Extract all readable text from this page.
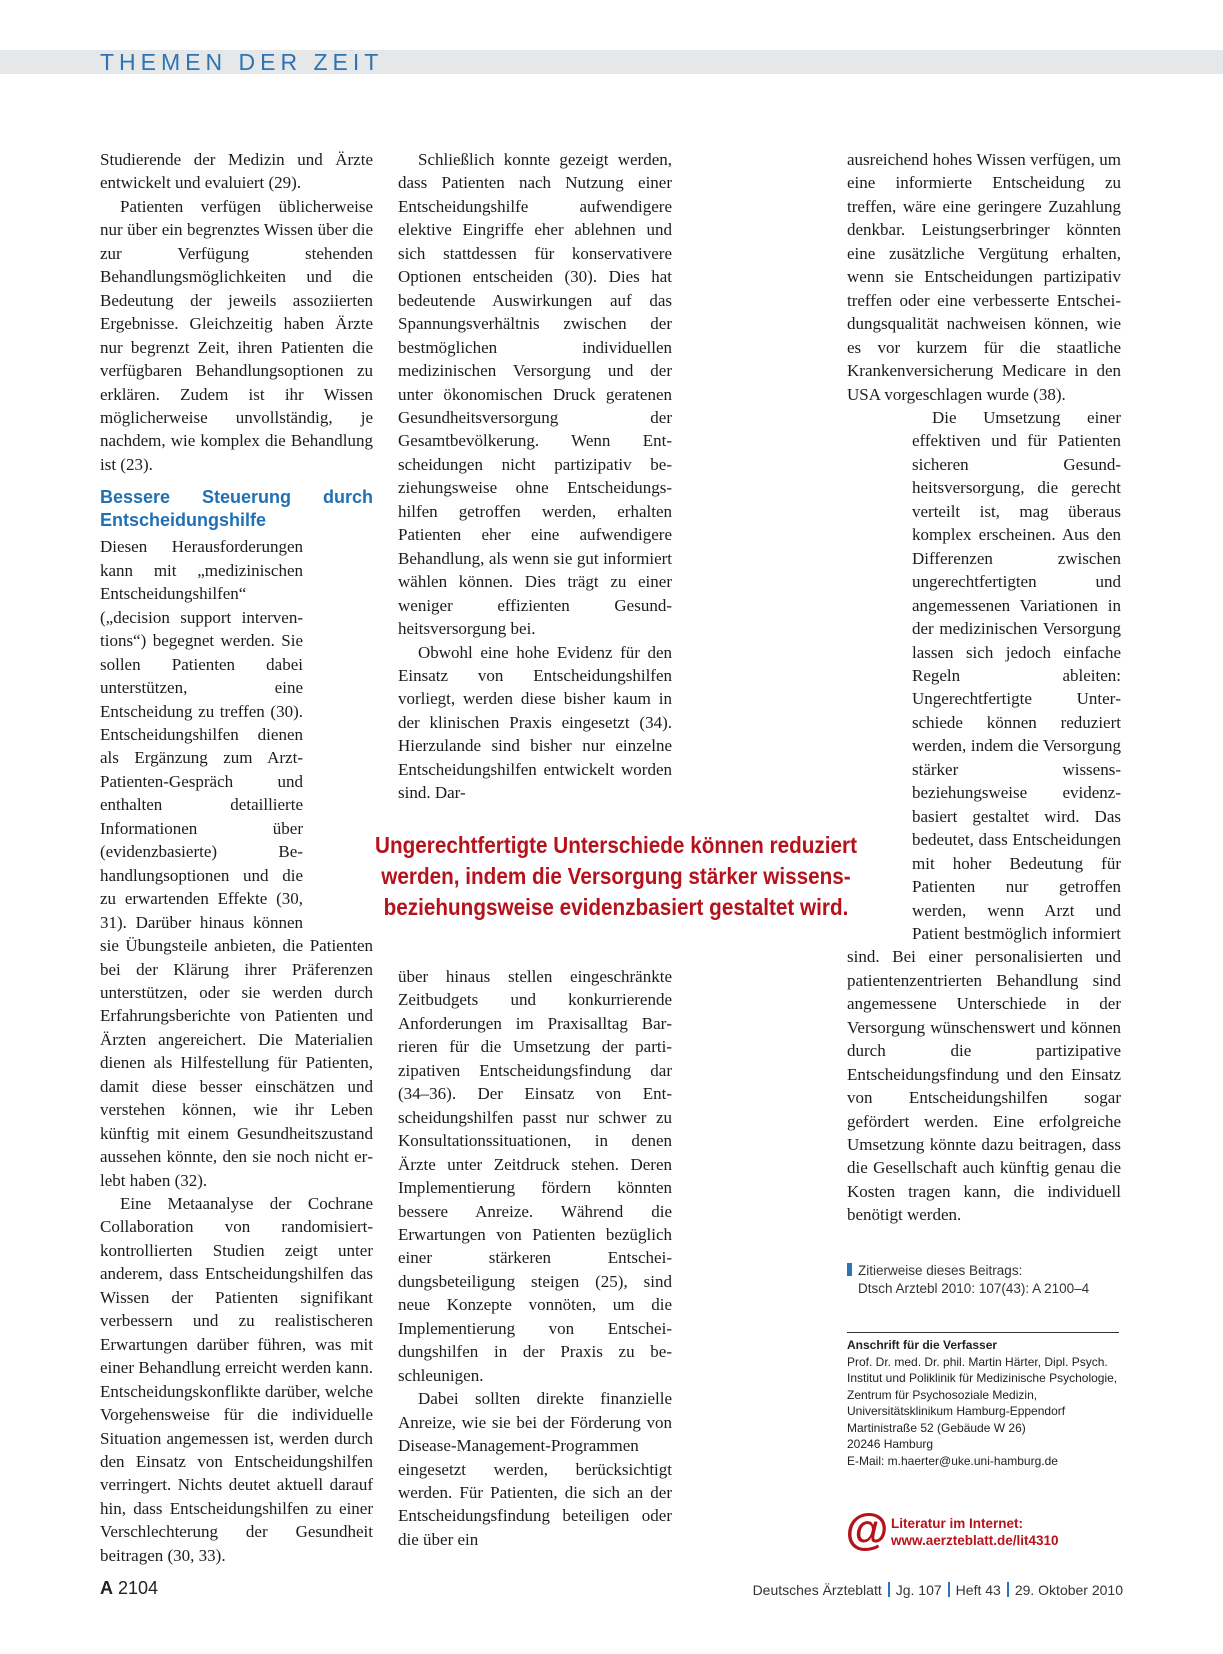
THEMEN DER ZEIT

Studierende der Medizin und Ärzte entwickelt und evaluiert (29).

Patienten verfügen üblicherweise nur über ein begrenztes Wissen über die zur Verfügung stehenden Behandlungsmöglichkeiten und die Bedeutung der jeweils assoziierten Ergebnisse. Gleichzeitig haben Ärzte nur begrenzt Zeit, ihren Patienten die verfügbaren Behandlungsoptionen zu erklären. Zudem ist ihr Wissen möglicherweise unvollständig, je nachdem, wie komplex die Behandlung ist (23).

Bessere Steuerung durch Entscheidungshilfe

Diesen Herausforderungen kann mit „medizinischen Entscheidungshilfen“ („decision support interventions“) begegnet werden. Sie sollen Patienten dabei unterstützen, eine Entscheidung zu treffen (30). Entscheidungshilfen dienen als Ergänzung zum Arzt-Patienten-Gespräch und enthalten detaillierte Informationen über (evidenzbasierte) Behandlungsoptionen und die zu erwartenden Effekte (30, 31). Darüber hinaus können sie Übungsteile anbieten, die Patienten bei der Klärung ihrer Präferenzen unterstützen, oder sie werden durch Erfahrungsberichte von Patienten und Ärzten angereichert. Die Materialien dienen als Hilfestellung für Patienten, damit diese besser einschätzen und verstehen können, wie ihr Leben künftig mit einem Gesundheitszustand aussehen könnte, den sie noch nicht erlebt haben (32).

Eine Metaanalyse der Cochrane Collaboration von randomisiert-kontrollierten Studien zeigt unter anderem, dass Entscheidungshilfen das Wissen der Patienten signifikant verbessern und zu realistischeren Erwartungen darüber führen, was mit einer Behandlung erreicht werden kann. Entscheidungskonflikte darüber, welche Vorgehensweise für die individuelle Situation angemessen ist, werden durch den Einsatz von Entscheidungshilfen verringert. Nichts deutet aktuell darauf hin, dass Entscheidungshilfen zu einer Verschlechterung der Gesundheit beitragen (30, 33).

Schließlich konnte gezeigt werden, dass Patienten nach Nutzung einer Entscheidungshilfe aufwendigere elektive Eingriffe eher ablehnen und sich stattdessen für konservativere Optionen entscheiden (30). Dies hat bedeutende Auswirkungen auf das Spannungsverhältnis zwischen der bestmöglichen individuellen medizinischen Versorgung und der unter ökonomischen Druck geratenen Gesundheitsversorgung der Gesamtbevölkerung. Wenn Entscheidungen nicht partizipativ beziehungsweise ohne Entscheidungshilfen getroffen werden, erhalten Patienten eher eine aufwendigere Behandlung, als wenn sie gut informiert wählen können. Dies trägt zu einer weniger effizienten Gesundheitsversorgung bei.

Obwohl eine hohe Evidenz für den Einsatz von Entscheidungshilfen vorliegt, werden diese bisher kaum in der klinischen Praxis eingesetzt (34). Hierzulande sind bisher nur einzelne Entscheidungshilfen entwickelt worden sind. Dar-

über hinaus stellen eingeschränkte Zeitbudgets und konkurrierende Anforderungen im Praxisalltag Barrieren für die Umsetzung der partizipativen Entscheidungsfindung dar (34–36). Der Einsatz von Entscheidungshilfen passt nur schwer zu Konsultationssituationen, in denen Ärzte unter Zeitdruck stehen. Deren Implementierung fördern könnten bessere Anreize. Während die Erwartungen von Patienten bezüglich einer stärkeren Entscheidungsbeteiligung steigen (25), sind neue Konzepte vonnöten, um die Implementierung von Entscheidungshilfen in der Praxis zu beschleunigen.

Dabei sollten direkte finanzielle Anreize, wie sie bei der Förderung von Disease-Management-Programmen eingesetzt werden, berücksichtigt werden. Für Patienten, die sich an der Entscheidungsfindung beteiligen oder die über ein

ausreichend hohes Wissen verfügen, um eine informierte Entscheidung zu treffen, wäre eine geringere Zuzahlung denkbar. Leistungserbringer könnten eine zusätzliche Vergütung erhalten, wenn sie Entscheidungen partizipativ treffen oder eine verbesserte Entscheidungsqualität nachweisen können, wie es vor kurzem für die staatliche Krankenversicherung Medicare in den USA vorgeschlagen wurde (38).

Die Umsetzung einer effektiven und für Patienten sicheren Gesundheitsversorgung, die gerecht verteilt ist, mag überaus komplex erscheinen. Aus den Differenzen zwischen ungerechtfertigten und angemessenen Variationen in der medizinischen Versorgung lassen sich jedoch einfache Regeln ableiten: Ungerechtfertigte Unterschiede können reduziert werden, indem die Versorgung stärker wissens- beziehungsweise evidenzbasiert gestaltet wird. Das bedeutet, dass Entscheidungen mit hoher Bedeutung für Patienten nur getroffen werden, wenn Arzt und Patient bestmöglich informiert sind. Bei einer personalisierten und patientenzentrierten Behandlung sind angemessene Unterschiede in der Versorgung wünschenswert und können durch die partizipative Entscheidungsfindung und den Einsatz von Entscheidungshilfen sogar gefördert werden. Eine erfolgreiche Umsetzung könnte dazu beitragen, dass die Gesellschaft auch künftig genau die Kosten tragen kann, die individuell benötigt werden.

Ungerechtfertigte Unterschiede können reduziert werden, indem die Versorgung stärker wissens- beziehungsweise evidenzbasiert gestaltet wird.
Zitierweise dieses Beitrags:
Dtsch Arztebl 2010: 107(43): A 2100–4
Anschrift für die Verfasser
Prof. Dr. med. Dr. phil. Martin Härter, Dipl. Psych.
Institut und Poliklinik für Medizinische Psychologie,
Zentrum für Psychosoziale Medizin,
Universitätsklinikum Hamburg-Eppendorf
Martinistraße 52 (Gebäude W 26)
20246 Hamburg
E-Mail: m.haerter@uke.uni-hamburg.de
@ Literatur im Internet:
www.aerzteblatt.de/lit4310
A 2104	Deutsches Ärzteblatt Jg. 107 Heft 43 29. Oktober 2010
